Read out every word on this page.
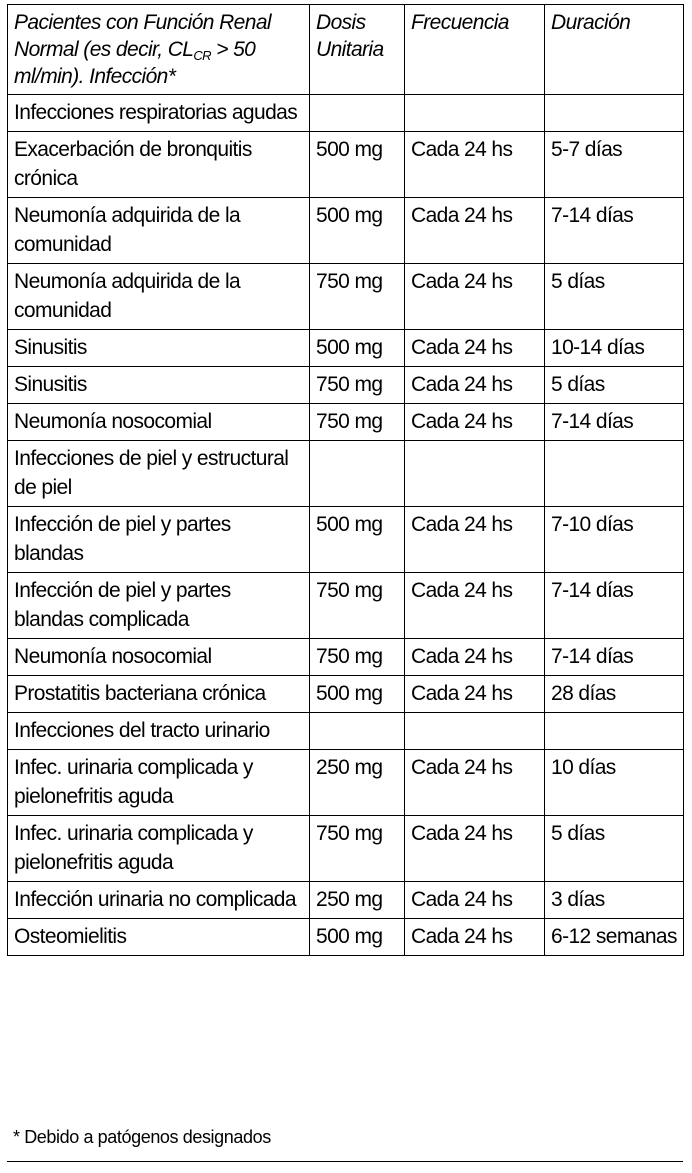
Pacientes con Función Renal Normal (es decir, $CL_{CR} > 50$ ml/min). Infección*	Dosis Unitaria	Frecuencia	Duración
Infecciones respiratorias agudas			
Exacerbación de bronquitis crónica	500 mg	Cada 24 hs	5-7 días
Neumonía adquirida de la comunidad	500 mg	Cada 24 hs	7-14 días
Neumonía adquirida de la comunidad	750 mg	Cada 24 hs	5 días
Sinusitis	500 mg	Cada 24 hs	10-14 días
Sinusitis	750 mg	Cada 24 hs	5 días
Neumonía nosocomial	750 mg	Cada 24 hs	7-14 días
Infecciones de piel y estructural de piel			
Infección de piel y partes blandas	500 mg	Cada 24 hs	7-10 días
Infección de piel y partes blandas complicada	750 mg	Cada 24 hs	7-14 días
Neumonía nosocomial	750 mg	Cada 24 hs	7-14 días
Prostatitis bacteriana crónica	500 mg	Cada 24 hs	28 días
Infecciones del tracto urinario			
Infec. urinaria complicada y pielonefritis aguda	250 mg	Cada 24 hs	10 días
Infec. urinaria complicada y pielonefritis aguda	750 mg	Cada 24 hs	5 días
Infección urinaria no complicada	250 mg	Cada 24 hs	3 días
Osteomielitis	500 mg	Cada 24 hs	6-12 semanas
* Debido a patógenos designados
